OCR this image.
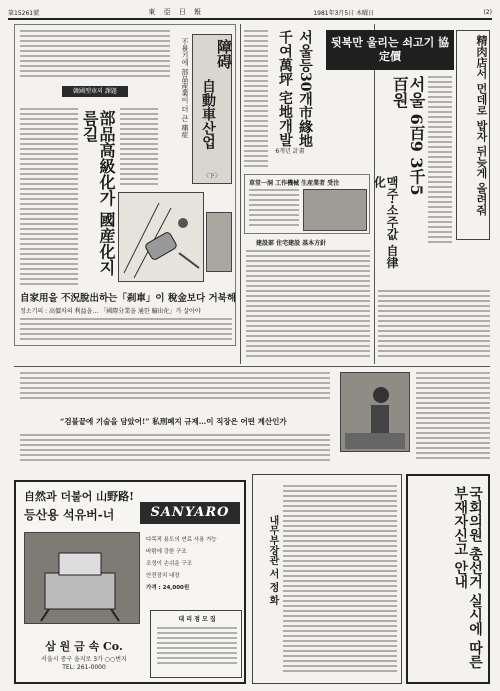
第15261號	東 亞 日 報	1981年3月5日 木曜日	(2)
韓國型車의 課題
部品高級化가 國産化지름길
障碍
自動車산업
〈下〉
不景기에 部品産業이 더 큰 痛症
自家用을 不況脫出하는「刹車」이 稅金보다 거북해
정소기의 : 高價차의 利益을… 「國際分業을 通한 輸出化」가 살아야
서울등30개市緣地
千여萬坪 宅地개발
6개년 計畫
草堂一洞 工作機械 生産業者 受注
建設部 住宅建設 基本方針
뒷북만 울리는 쇠고기 協定價	精肉店서 먼데로 밥자 뒤늦게 올려줘
서울 6百9 3千5百원
맥주·소주값 自律化
“검불끝에 기술을 담았어!” 私刑폐지 규제…이 직장은 어떤 계산인가
自然과 더불어 山野路!
등산용 석유버-너	SANYARO
다목적 용도의 연료 사용 가능
바람에 강한 구조
조정이 손쉬운 구조
안전장치 내장
가격 : 24,000원
대 리 점 모 집
삼 원 금 속 Co.
서울시 중구 을지로 3가 ○○번지
TEL: 261-0000
내무부장관 서 정 화	국회의원 총선거 실시에 따른 부재자신고 안내
